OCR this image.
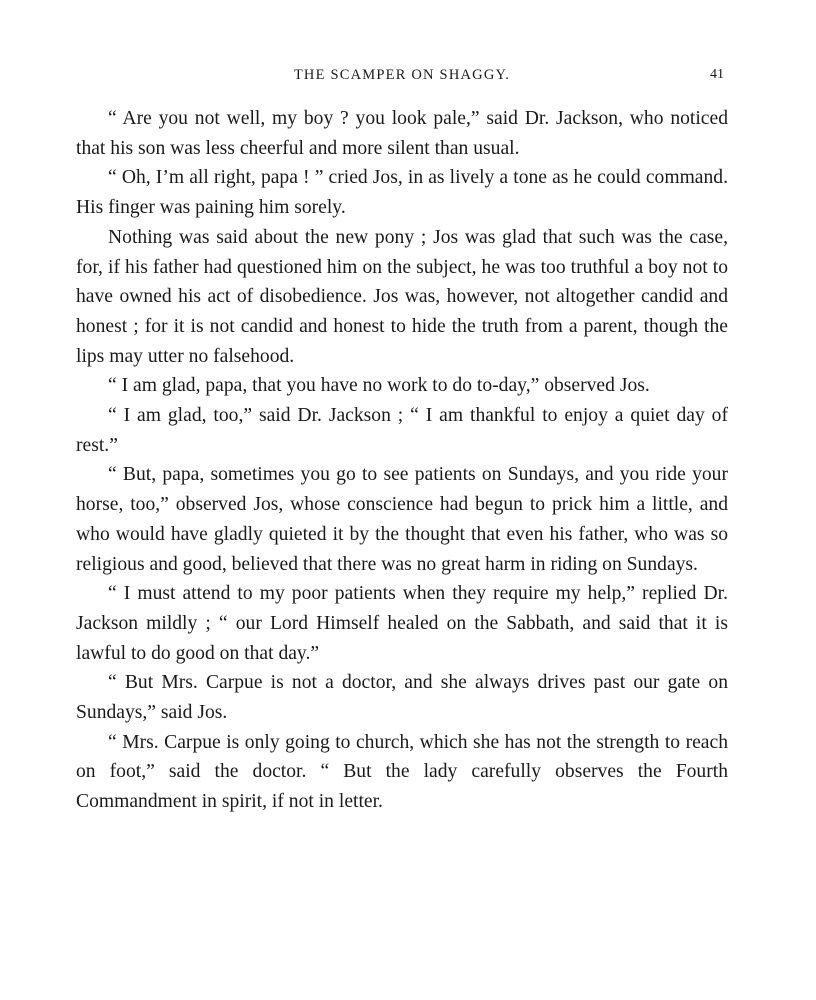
THE SCAMPER ON SHAGGY.	41

“ Are you not well, my boy ? you look pale,” said Dr. Jackson, who noticed that his son was less cheerful and more silent than usual.

“ Oh, I’m all right, papa ! ” cried Jos, in as lively a tone as he could command. His finger was paining him sorely.

Nothing was said about the new pony ; Jos was glad that such was the case, for, if his father had questioned him on the subject, he was too truthful a boy not to have owned his act of disobedience. Jos was, however, not altogether candid and honest ; for it is not candid and honest to hide the truth from a parent, though the lips may utter no falsehood.

“ I am glad, papa, that you have no work to do to-day,” observed Jos.

“ I am glad, too,” said Dr. Jackson ; “ I am thankful to enjoy a quiet day of rest.”

“ But, papa, sometimes you go to see patients on Sundays, and you ride your horse, too,” observed Jos, whose conscience had begun to prick him a little, and who would have gladly quieted it by the thought that even his father, who was so religious and good, believed that there was no great harm in riding on Sundays.

“ I must attend to my poor patients when they require my help,” replied Dr. Jackson mildly ; “ our Lord Himself healed on the Sabbath, and said that it is lawful to do good on that day.”

“ But Mrs. Carpue is not a doctor, and she always drives past our gate on Sundays,” said Jos.

“ Mrs. Carpue is only going to church, which she has not the strength to reach on foot,” said the doctor. “ But the lady carefully observes the Fourth Commandment in spirit, if not in letter.
